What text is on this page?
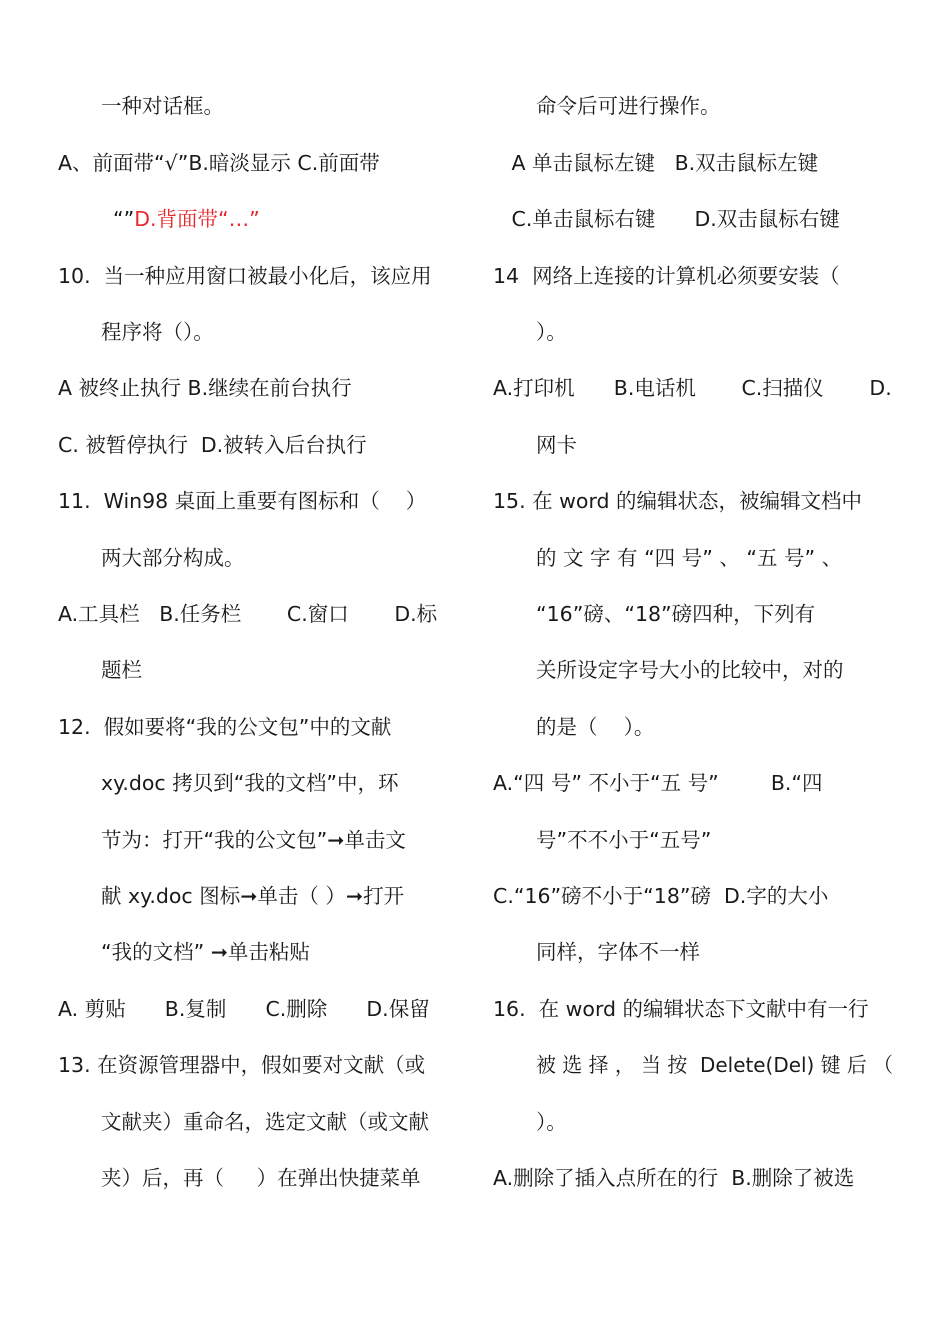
一种对话框。
A、前面带“√”B.暗淡显示 C.前面带
“”D.背面带“…”
10.  当一种应用窗口被最小化后，该应用
程序将（）。
A 被终止执行 B.继续在前台执行
C. 被暂停执行  D.被转入后台执行
11.  Win98 桌面上重要有图标和（    ）
两大部分构成。
A.工具栏   B.任务栏       C.窗口       D.标
题栏
12.  假如要将“我的公文包”中的文献
xy.doc 拷贝到“我的文档”中，环
节为：打开“我的公文包”➞单击文
献 xy.doc 图标➞单击（ ）➞打开
“我的文档” ➞单击粘贴
A. 剪贴      B.复制      C.删除      D.保留
13. 在资源管理器中，假如要对文献（或
文献夹）重命名，选定文献（或文献
夹）后，再（     ）在弹出快捷菜单
命令后可进行操作。
A 单击鼠标左键   B.双击鼠标左键
C.单击鼠标右键      D.双击鼠标右键
14  网络上连接的计算机必须要安装（
）。
A.打印机      B.电话机       C.扫描仪       D.
网卡
15. 在 word 的编辑状态，被编辑文档中
的 文 字 有 “四 号” 、 “五 号” 、
“16”磅、“18”磅四种，下列有
关所设定字号大小的比较中，对的
的是（    ）。
A.“四 号” 不小于“五 号”        B.“四
号”不不小于“五号”
C.“16”磅不小于“18”磅  D.字的大小
同样，字体不一样
16.  在 word 的编辑状态下文献中有一行
被 选 择 ， 当 按  Delete(Del) 键 后 （
）。
A.删除了插入点所在的行  B.删除了被选
